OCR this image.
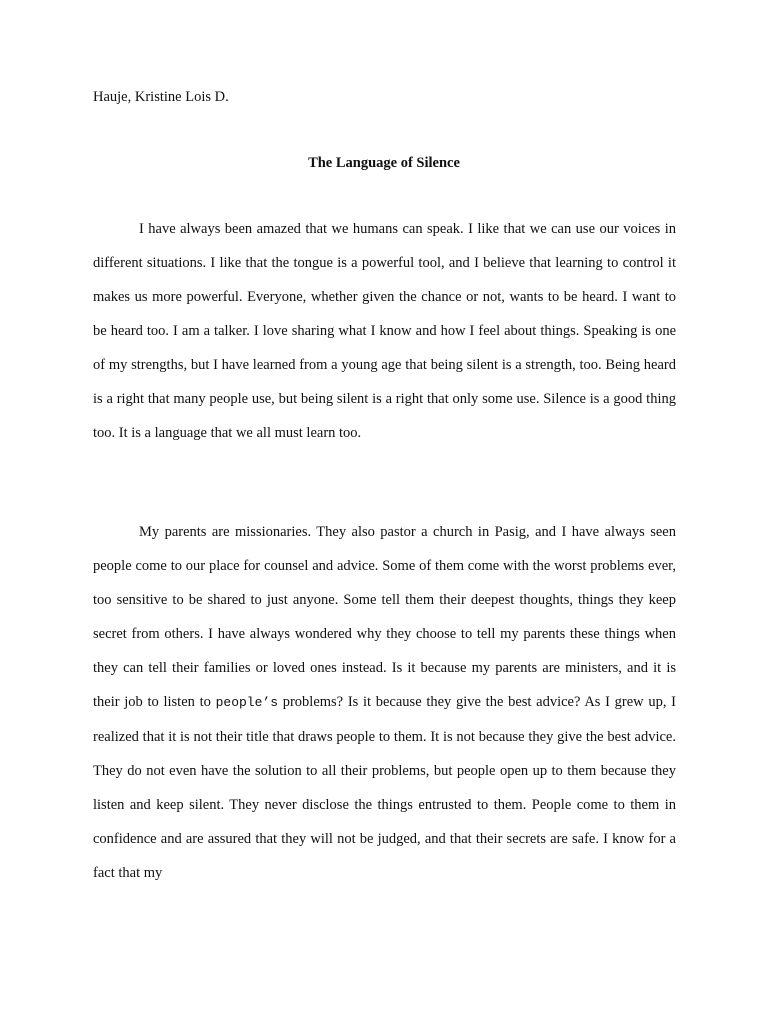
Hauje, Kristine Lois D.

The Language of Silence

I have always been amazed that we humans can speak. I like that we can use our voices in different situations. I like that the tongue is a powerful tool, and I believe that learning to control it makes us more powerful. Everyone, whether given the chance or not, wants to be heard. I want to be heard too. I am a talker. I love sharing what I know and how I feel about things. Speaking is one of my strengths, but I have learned from a young age that being silent is a strength, too. Being heard is a right that many people use, but being silent is a right that only some use. Silence is a good thing too. It is a language that we all must learn too.

My parents are missionaries. They also pastor a church in Pasig, and I have always seen people come to our place for counsel and advice. Some of them come with the worst problems ever, too sensitive to be shared to just anyone. Some tell them their deepest thoughts, things they keep secret from others. I have always wondered why they choose to tell my parents these things when they can tell their families or loved ones instead. Is it because my parents are ministers, and it is their job to listen to people’s problems? Is it because they give the best advice? As I grew up, I realized that it is not their title that draws people to them. It is not because they give the best advice. They do not even have the solution to all their problems, but people open up to them because they listen and keep silent. They never disclose the things entrusted to them. People come to them in confidence and are assured that they will not be judged, and that their secrets are safe. I know for a fact that my
